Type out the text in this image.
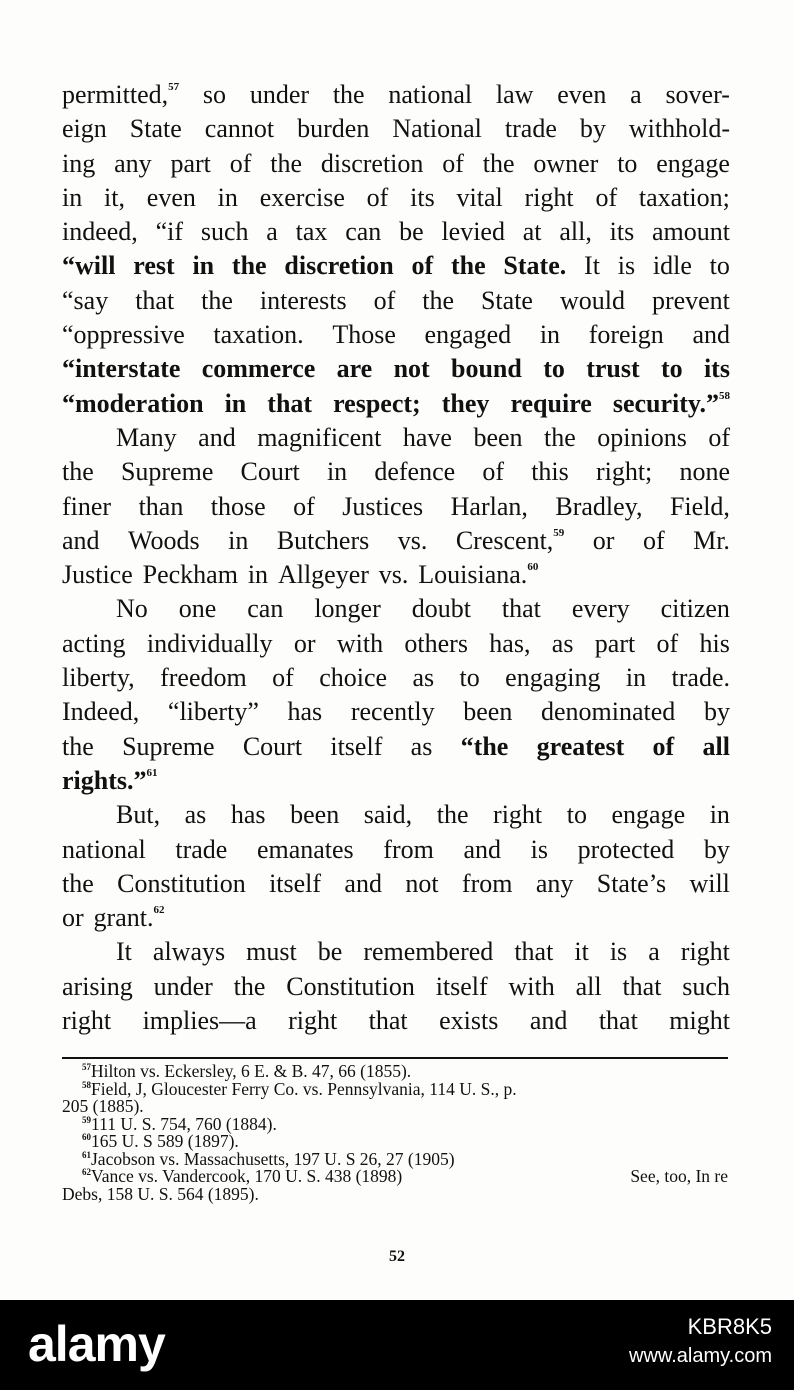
permitted,$^{57}$ so under the national law even a sover-
eign State cannot burden National trade by withhold-
ing any part of the discretion of the owner to engage
in it, even in exercise of its vital right of taxation;
indeed, “if such a tax can be levied at all, its amount
“will rest in the discretion of the State. It is idle to
“say that the interests of the State would prevent
“oppressive taxation. Those engaged in foreign and
“interstate commerce are not bound to trust to its
“moderation in that respect; they require security.”$^{58}$
Many and magnificent have been the opinions of
the Supreme Court in defence of this right; none
finer than those of Justices Harlan, Bradley, Field,
and Woods in Butchers vs. Crescent,$^{59}$ or of Mr.
Justice Peckham in Allgeyer vs. Louisiana.$^{60}$
No one can longer doubt that every citizen
acting individually or with others has, as part of his
liberty, freedom of choice as to engaging in trade.
Indeed, “liberty” has recently been denominated by
the Supreme Court itself as “the greatest of all
rights.”$^{61}$
But, as has been said, the right to engage in
national trade emanates from and is protected by
the Constitution itself and not from any State’s will
or grant.$^{62}$
It always must be remembered that it is a right
arising under the Constitution itself with all that such
right implies—a right that exists and that might
$^{57}$Hilton vs. Eckersley, 6 E. & B. 47, 66 (1855).
$^{58}$Field, J, Gloucester Ferry Co. vs. Pennsylvania, 114 U. S., p.
205 (1885).
$^{59}$111 U. S. 754, 760 (1884).
$^{60}$165 U. S 589 (1897).
$^{61}$Jacobson vs. Massachusetts, 197 U. S 26, 27 (1905)
$^{62}$Vance vs. Vandercook, 170 U. S. 438 (1898)	See, too, In re
Debs, 158 U. S. 564 (1895).
52
alamy	KBR8K5
www.alamy.com
